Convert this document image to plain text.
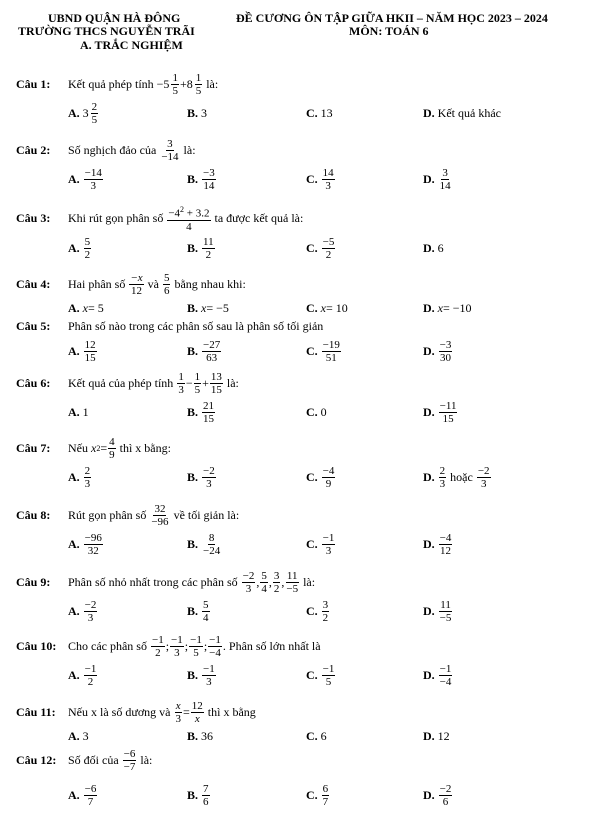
UBND QUẬN HÀ ĐÔNG
TRƯỜNG THCS NGUYỄN TRÃI
ĐỀ CƯƠNG ÔN TẬP GIỮA HKII – NĂM HỌC 2023 – 2024
MÔN: TOÁN 6
A. TRẮC NGHIỆM
Câu 1:	Kết quả phép tính
$-5 \frac{1}{5} + 8 \frac{1}{5}$
là:
A. $3 \frac{2}{5}$	B. 3	C. 13	D. Kết quả khác
Câu 2:	Số nghịch đảo của
$\frac{3}{-14}$
là:
A. $\frac{-14}{3}$	B. $\frac{-3}{14}$	C. $\frac{14}{3}$	D. $\frac{3}{14}$
Câu 3:	Khi rút gọn phân số
$\frac{-4^2 + 3.2}{4}$
ta được kết quả là:
A. $\frac{5}{2}$	B. $\frac{11}{2}$	C. $\frac{-5}{2}$	D. 6
Câu 4:	Hai phân số
$\frac{-x}{12}$
và
$\frac{5}{6}$
bằng nhau khi:
A. x = 5	B. x = −5	C. x = 10	D. x = −10
Câu 5:	Phân số nào trong các phân số sau là phân số tối giản
A. $\frac{12}{15}$	B. $\frac{-27}{63}$	C. $\frac{-19}{51}$	D. $\frac{-3}{30}$
Câu 6:	Kết quả của phép tính
$\frac{1}{3} - \frac{1}{5} + \frac{13}{15}$
là:
A. 1	B. $\frac{21}{15}$	C. 0	D. $\frac{-11}{15}$
Câu 7:	Nếu
x $2 = \frac{4}{9}$
thì x bằng:
A. $\frac{2}{3}$	B. $\frac{-2}{3}$	C. $\frac{-4}{9}$	D. $\frac{2}{3}$
hoặc
$\frac{-2}{3}$
Câu 8:	Rút gọn phân số
$\frac{32}{-96}$
về tối giản là:
A. $\frac{-96}{32}$	B. $\frac{8}{-24}$	C. $\frac{-1}{3}$	D. $\frac{-4}{12}$
Câu 9:	Phân số nhỏ nhất trong các phân số
$\frac{-2}{3}$ , $\frac{5}{4}$ , $\frac{3}{2}$ , $\frac{11}{-5}$
là:
A. $\frac{-2}{3}$	B. $\frac{5}{4}$	C. $\frac{3}{2}$	D. $\frac{11}{-5}$
Câu 10: Cho các phân số
$\frac{-1}{2}$ ; $\frac{-1}{3}$ ; $\frac{-1}{5}$ ; $\frac{-1}{-4}$ . Phân số lớn nhất là
A. $\frac{-1}{2}$	B. $\frac{-1}{3}$	C. $\frac{-1}{5}$	D. $\frac{-1}{-4}$
Câu 11:	Nếu x là số dương và
$\frac{x}{3} = \frac{12}{x}$
thì x bằng
A. 3	B. 36	C. 6	D. 12
Câu 12: Số đối của
$\frac{-6}{-7}$
là:
A. $\frac{-6}{7}$	B. $\frac{7}{6}$	C. $\frac{6}{7}$	D. $\frac{-2}{6}$
